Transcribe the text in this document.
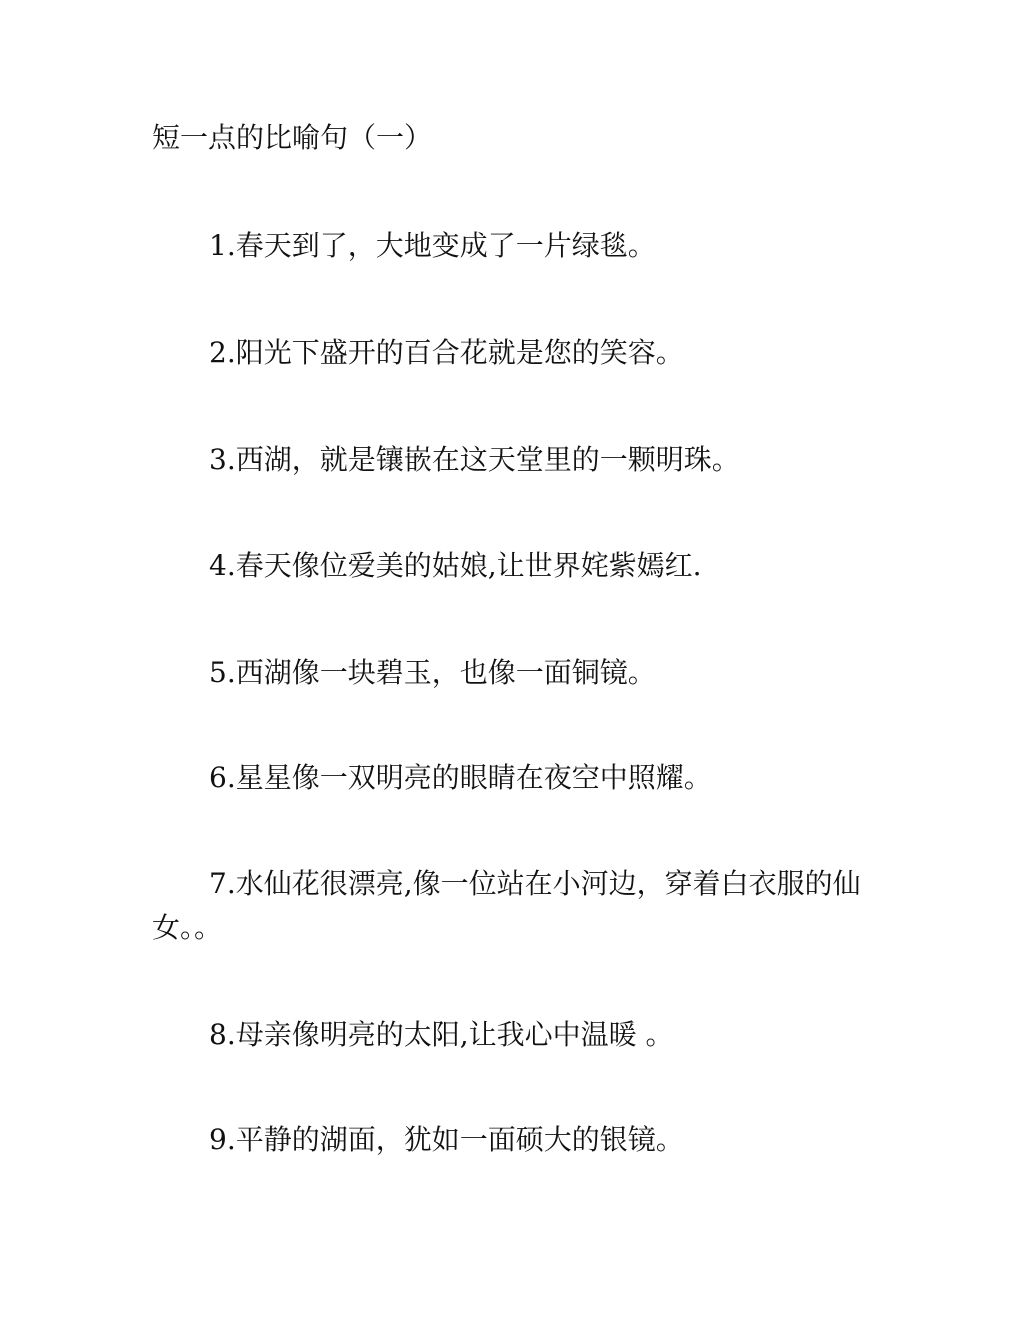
短一点的比喻句（一）

1.春天到了，大地变成了一片绿毯。

2.阳光下盛开的百合花就是您的笑容。

3.西湖，就是镶嵌在这天堂里的一颗明珠。

4.春天像位爱美的姑娘,让世界姹紫嫣红.

5.西湖像一块碧玉，也像一面铜镜。

6.星星像一双明亮的眼睛在夜空中照耀。

7.水仙花很漂亮,像一位站在小河边，穿着白衣服的仙女。。

8.母亲像明亮的太阳,让我心中温暖 。

9.平静的湖面，犹如一面硕大的银镜。
